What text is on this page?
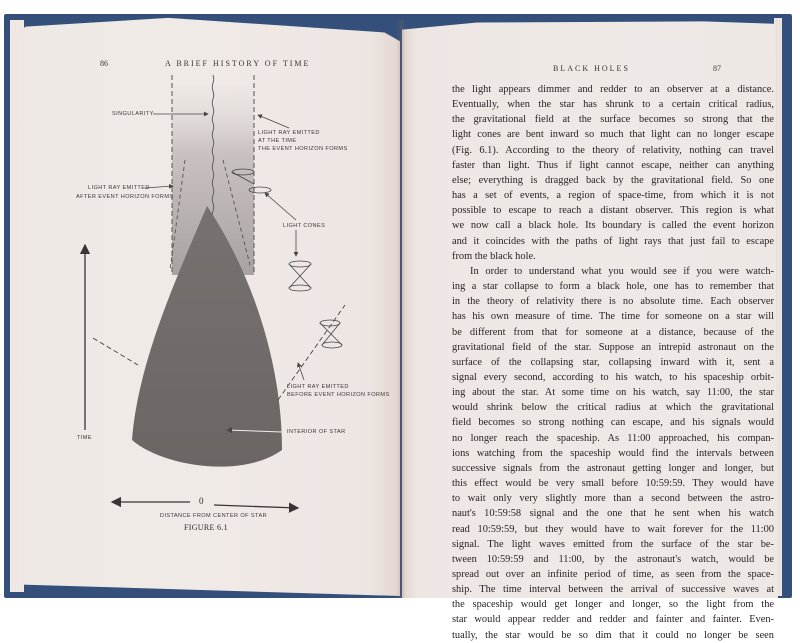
86	A BRIEF HISTORY OF TIME
BLACK HOLES	87
SINGULARITY
LIGHT RAY EMITTED
AT THE TIME
THE EVENT HORIZON FORMS
LIGHT RAY EMITTED
AFTER EVENT HORIZON FORMS
LIGHT CONES
LIGHT RAY EMITTED
BEFORE EVENT HORIZON FORMS
INTERIOR OF STAR
TIME
0
DISTANCE FROM CENTER OF STAR
FIGURE 6.1
the light appears dimmer and redder to an observer at a distance.
Eventually, when the star has shrunk to a certain critical radius,
the gravitational field at the surface becomes so strong that the
light cones are bent inward so much that light can no longer escape
(Fig. 6.1). According to the theory of relativity, nothing can travel
faster than light. Thus if light cannot escape, neither can anything
else; everything is dragged back by the gravitational field. So one
has a set of events, a region of space-time, from which it is not
possible to escape to reach a distant observer. This region is what
we now call a black hole. Its boundary is called the event horizon
and it coincides with the paths of light rays that just fail to escape
from the black hole.
In order to understand what you would see if you were watch-
ing a star collapse to form a black hole, one has to remember that
in the theory of relativity there is no absolute time. Each observer
has his own measure of time. The time for someone on a star will
be different from that for someone at a distance, because of the
gravitational field of the star. Suppose an intrepid astronaut on the
surface of the collapsing star, collapsing inward with it, sent a
signal every second, according to his watch, to his spaceship orbit-
ing about the star. At some time on his watch, say 11:00, the star
would shrink below the critical radius at which the gravitational
field becomes so strong nothing can escape, and his signals would
no longer reach the spaceship. As 11:00 approached, his compan-
ions watching from the spaceship would find the intervals between
successive signals from the astronaut getting longer and longer, but
this effect would be very small before 10:59:59. They would have
to wait only very slightly more than a second between the astro-
naut's 10:59:58 signal and the one that he sent when his watch
read 10:59:59, but they would have to wait forever for the 11:00
signal. The light waves emitted from the surface of the star be-
tween 10:59:59 and 11:00, by the astronaut's watch, would be
spread out over an infinite period of time, as seen from the space-
ship. The time interval between the arrival of successive waves at
the spaceship would get longer and longer, so the light from the
star would appear redder and redder and fainter and fainter. Even-
tually, the star would be so dim that it could no longer be seen
